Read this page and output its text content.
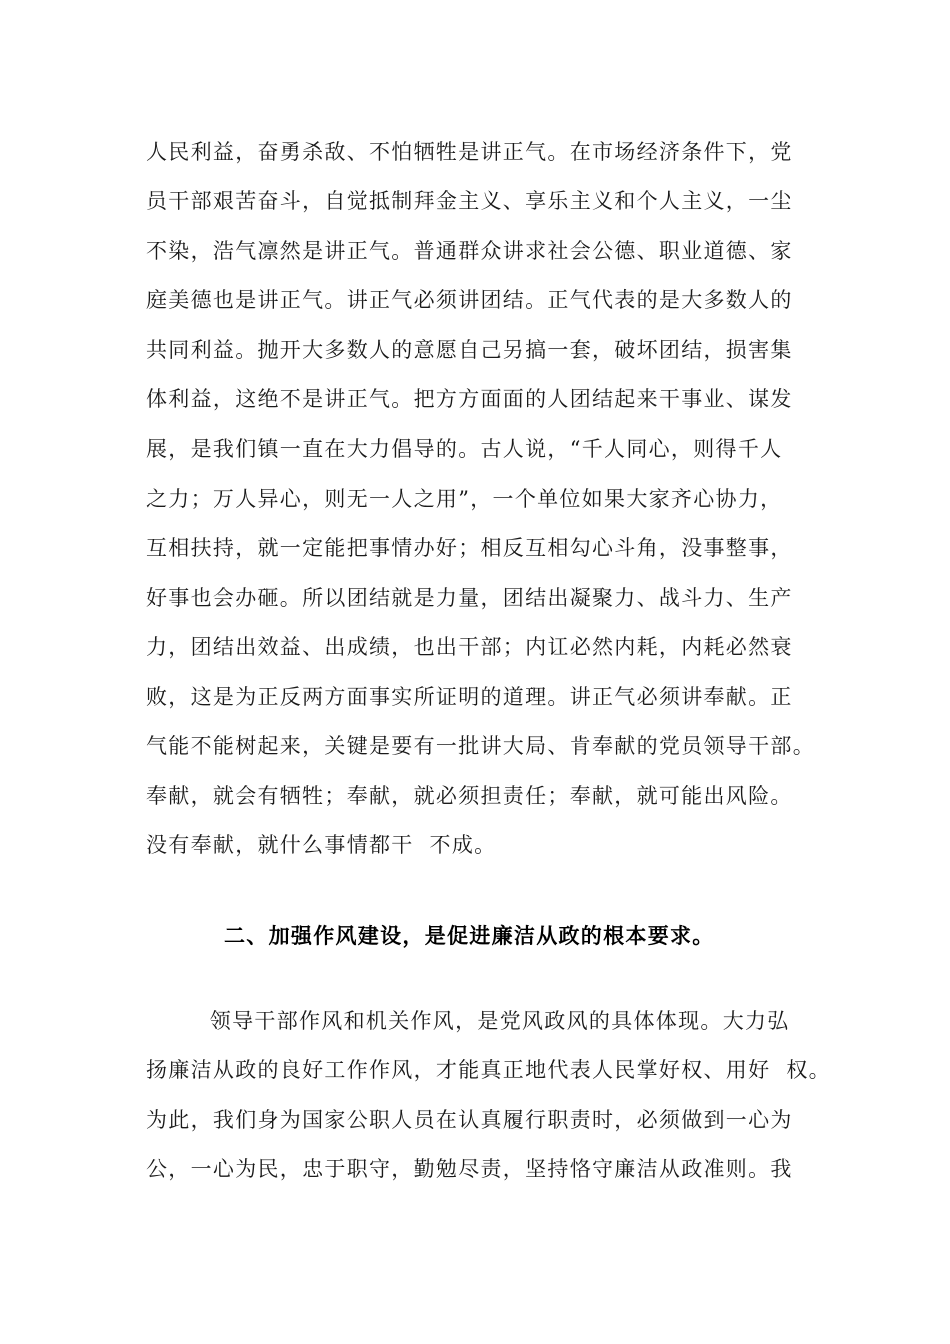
人民利益，奋勇杀敌、不怕牺牲是讲正气。在市场经济条件下，党
员干部艰苦奋斗，自觉抵制拜金主义、享乐主义和个人主义，一尘
不染，浩气凛然是讲正气。普通群众讲求社会公德、职业道德、家
庭美德也是讲正气。讲正气必须讲团结。正气代表的是大多数人的
共同利益。抛开大多数人的意愿自己另搞一套，破坏团结，损害集
体利益，这绝不是讲正气。把方方面面的人团结起来干事业、谋发
展，是我们镇一直在大力倡导的。古人说，“千人同心，则得千人
之力；万人异心，则无一人之用”，一个单位如果大家齐心协力，
互相扶持，就一定能把事情办好；相反互相勾心斗角，没事整事，
好事也会办砸。所以团结就是力量，团结出凝聚力、战斗力、生产
力，团结出效益、出成绩，也出干部；内讧必然内耗，内耗必然衰
败，这是为正反两方面事实所证明的道理。讲正气必须讲奉献。正
气能不能树起来，关键是要有一批讲大局、肯奉献的党员领导干部。
奉献，就会有牺牲；奉献，就必须担责任；奉献，就可能出风险。
没有奉献，就什么事情都干  不成。
二、加强作风建设，是促进廉洁从政的根本要求。
领导干部作风和机关作风，是党风政风的具体体现。大力弘
扬廉洁从政的良好工作作风，才能真正地代表人民掌好权、用好  权。
为此，我们身为国家公职人员在认真履行职责时，必须做到一心为
公，一心为民，忠于职守，勤勉尽责，坚持恪守廉洁从政准则。我
